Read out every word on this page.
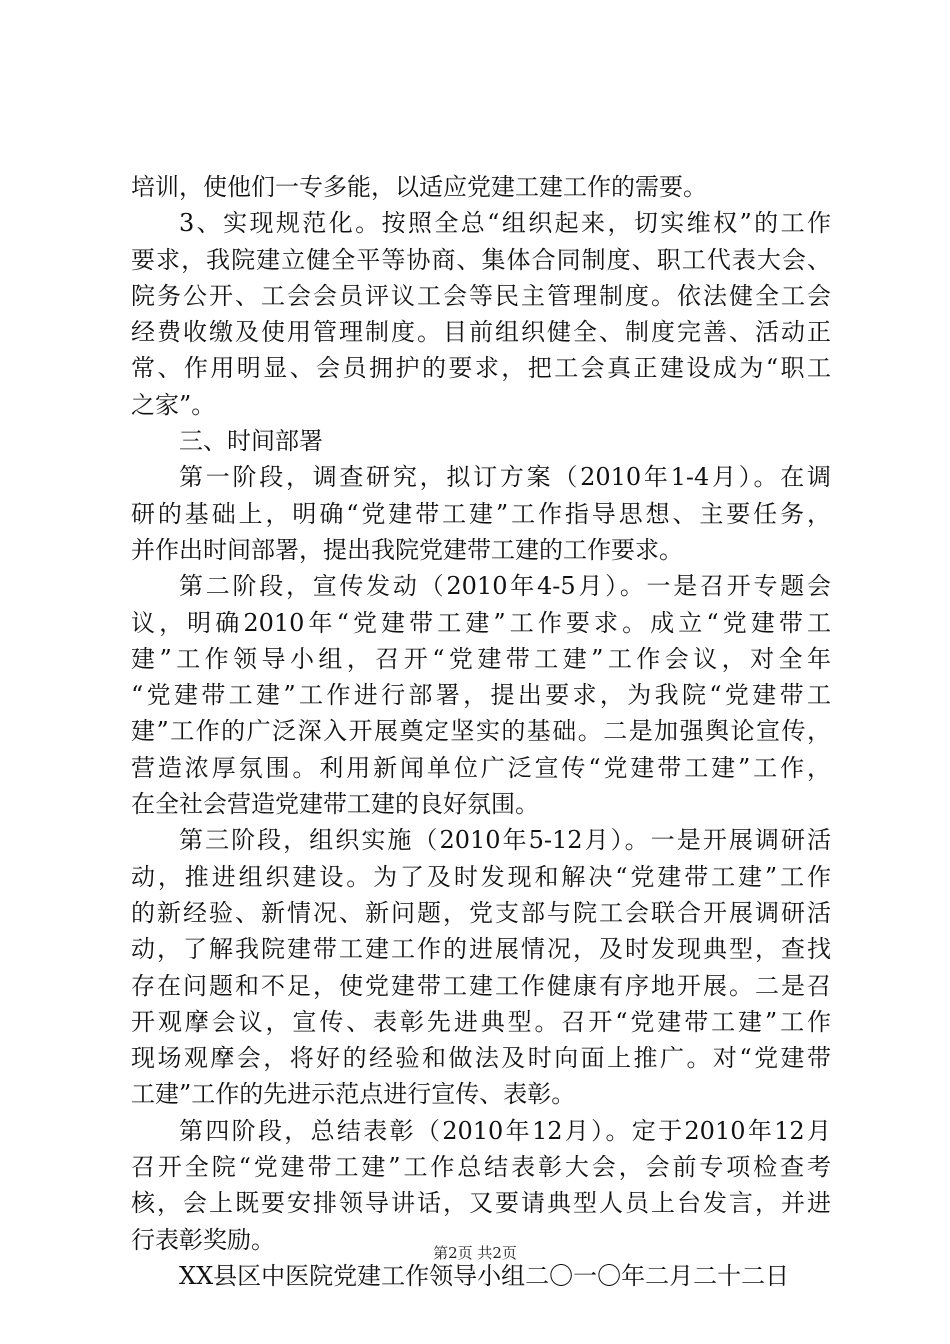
培训，使他们一专多能，以适应党建工建工作的需要。
3、实现规范化。按照全总“组织起来，切实维权”的工作
要求，我院建立健全平等协商、集体合同制度、职工代表大会、
院务公开、工会会员评议工会等民主管理制度。依法健全工会
经费收缴及使用管理制度。目前组织健全、制度完善、活动正
常、作用明显、会员拥护的要求，把工会真正建设成为“职工
之家”。
三、时间部署
第一阶段，调查研究，拟订方案（2010年1-4月）。在调
研的基础上，明确“党建带工建”工作指导思想、主要任务，
并作出时间部署，提出我院党建带工建的工作要求。
第二阶段，宣传发动（2010年4-5月）。一是召开专题会
议，明确2010年“党建带工建”工作要求。成立“党建带工
建”工作领导小组，召开“党建带工建”工作会议，对全年
“党建带工建”工作进行部署，提出要求，为我院“党建带工
建”工作的广泛深入开展奠定坚实的基础。二是加强舆论宣传，
营造浓厚氛围。利用新闻单位广泛宣传“党建带工建”工作，
在全社会营造党建带工建的良好氛围。
第三阶段，组织实施（2010年5-12月）。一是开展调研活
动，推进组织建设。为了及时发现和解决“党建带工建”工作
的新经验、新情况、新问题，党支部与院工会联合开展调研活
动，了解我院建带工建工作的进展情况，及时发现典型，查找
存在问题和不足，使党建带工建工作健康有序地开展。二是召
开观摩会议，宣传、表彰先进典型。召开“党建带工建”工作
现场观摩会，将好的经验和做法及时向面上推广。对“党建带
工建”工作的先进示范点进行宣传、表彰。
第四阶段，总结表彰（2010年12月）。定于2010年12月
召开全院“党建带工建”工作总结表彰大会，会前专项检查考
核，会上既要安排领导讲话，又要请典型人员上台发言，并进
行表彰奖励。
XX县区中医院党建工作领导小组二〇一〇年二月二十二日
第2页 共2页
